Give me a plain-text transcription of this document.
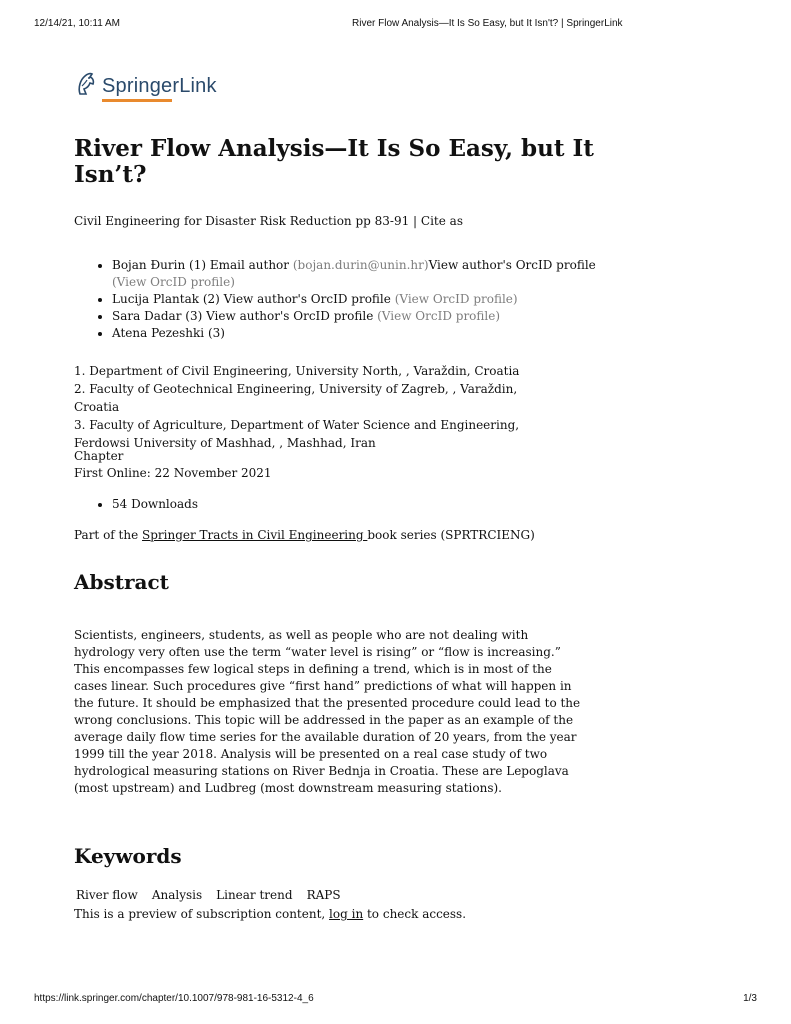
12/14/21, 10:11 AM	River Flow Analysis—It Is So Easy, but It Isn't? | SpringerLink
SpringerLink
River Flow Analysis—It Is So Easy, but It Isn’t?
Civil Engineering for Disaster Risk Reduction pp 83-91 | Cite as
• Bojan Đurin (1) Email author (bojan.durin@unin.hr)View author's OrcID profile (View OrcID profile)
• Lucija Plantak (2) View author's OrcID profile (View OrcID profile)
• Sara Dadar (3) View author's OrcID profile (View OrcID profile)
• Atena Pezeshki (3)
1. Department of Civil Engineering, University North, , Varaždin, Croatia
2. Faculty of Geotechnical Engineering, University of Zagreb, , Varaždin, Croatia
3. Faculty of Agriculture, Department of Water Science and Engineering, Ferdowsi University of Mashhad, , Mashhad, Iran
Chapter
First Online: 22 November 2021
• 54 Downloads
Part of the Springer Tracts in Civil Engineering book series (SPRTRCIENG)
Abstract

Scientists, engineers, students, as well as people who are not dealing with hydrology very often use the term “water level is rising” or “flow is increasing.” This encompasses few logical steps in defining a trend, which is in most of the cases linear. Such procedures give “first hand” predictions of what will happen in the future. It should be emphasized that the presented procedure could lead to the wrong conclusions. This topic will be addressed in the paper as an example of the average daily flow time series for the available duration of 20 years, from the year 1999 till the year 2018. Analysis will be presented on a real case study of two hydrological measuring stations on River Bednja in Croatia. These are Lepoglava (most upstream) and Ludbreg (most downstream measuring stations).

Keywords
River flow Analysis Linear trend RAPS
This is a preview of subscription content, log in to check access.
https://link.springer.com/chapter/10.1007/978-981-16-5312-4_6	1/3
